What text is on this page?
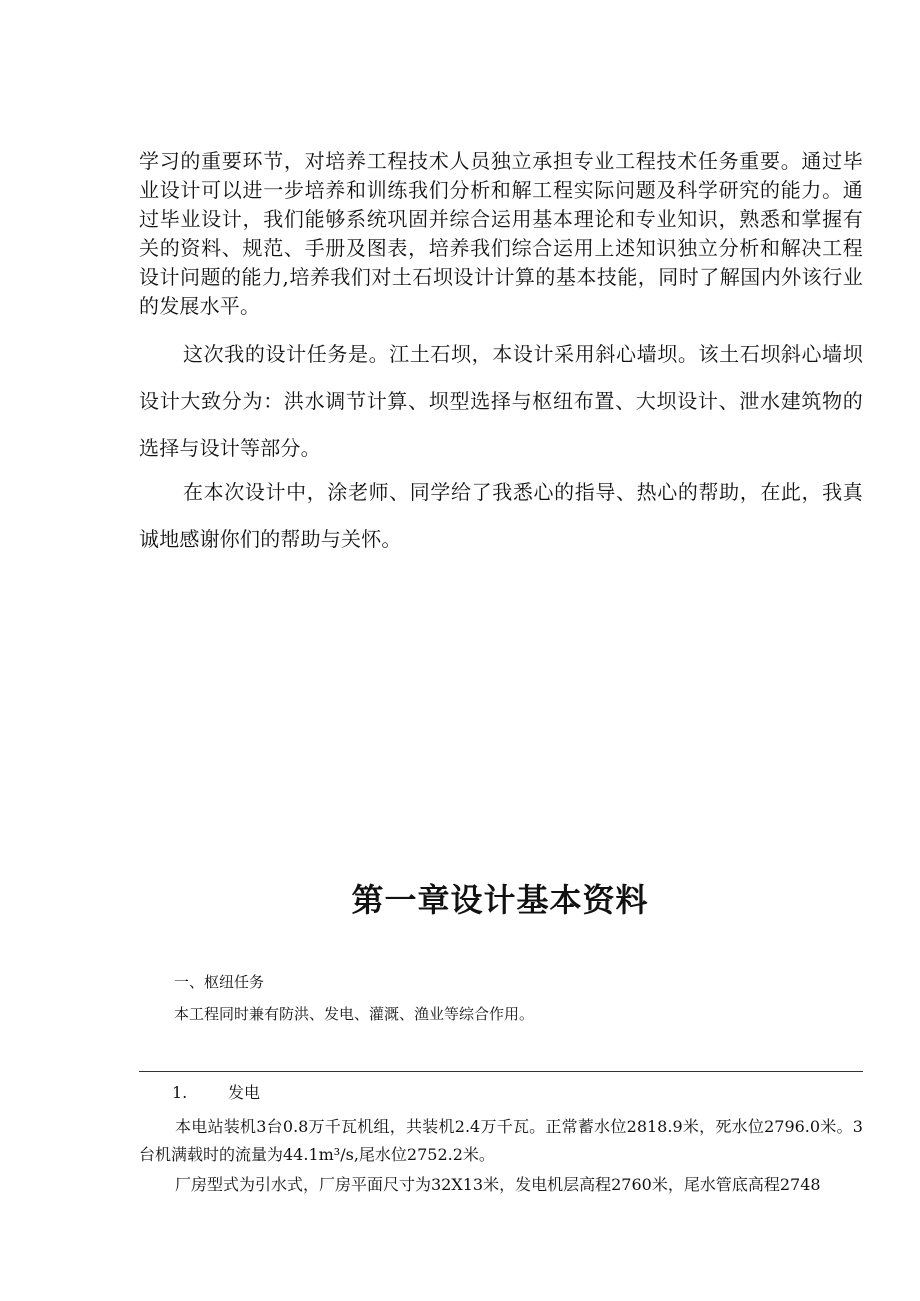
学习的重要环节，对培养工程技术人员独立承担专业工程技术任务重要。通过毕业设计可以进一步培养和训练我们分析和解工程实际问题及科学研究的能力。通过毕业设计，我们能够系统巩固并综合运用基本理论和专业知识，熟悉和掌握有关的资料、规范、手册及图表，培养我们综合运用上述知识独立分析和解决工程设计问题的能力,培养我们对土石坝设计计算的基本技能，同时了解国内外该行业的发展水平。

这次我的设计任务是。江土石坝，本设计采用斜心墙坝。该土石坝斜心墙坝设计大致分为：洪水调节计算、坝型选择与枢纽布置、大坝设计、泄水建筑物的选择与设计等部分。

在本次设计中，涂老师、同学给了我悉心的指导、热心的帮助，在此，我真诚地感谢你们的帮助与关怀。

第一章设计基本资料
一、枢纽任务
本工程同时兼有防洪、发电、灌溉、渔业等综合作用。
1.	发电

本电站装机3台0.8万千瓦机组，共装机2.4万千瓦。正常蓄水位2818.9米，死水位2796.0米。3台机满载时的流量为44.1m³/s,尾水位2752.2米。

厂房型式为引水式，厂房平面尺寸为32X13米，发电机层高程2760米，尾水管底高程2748
